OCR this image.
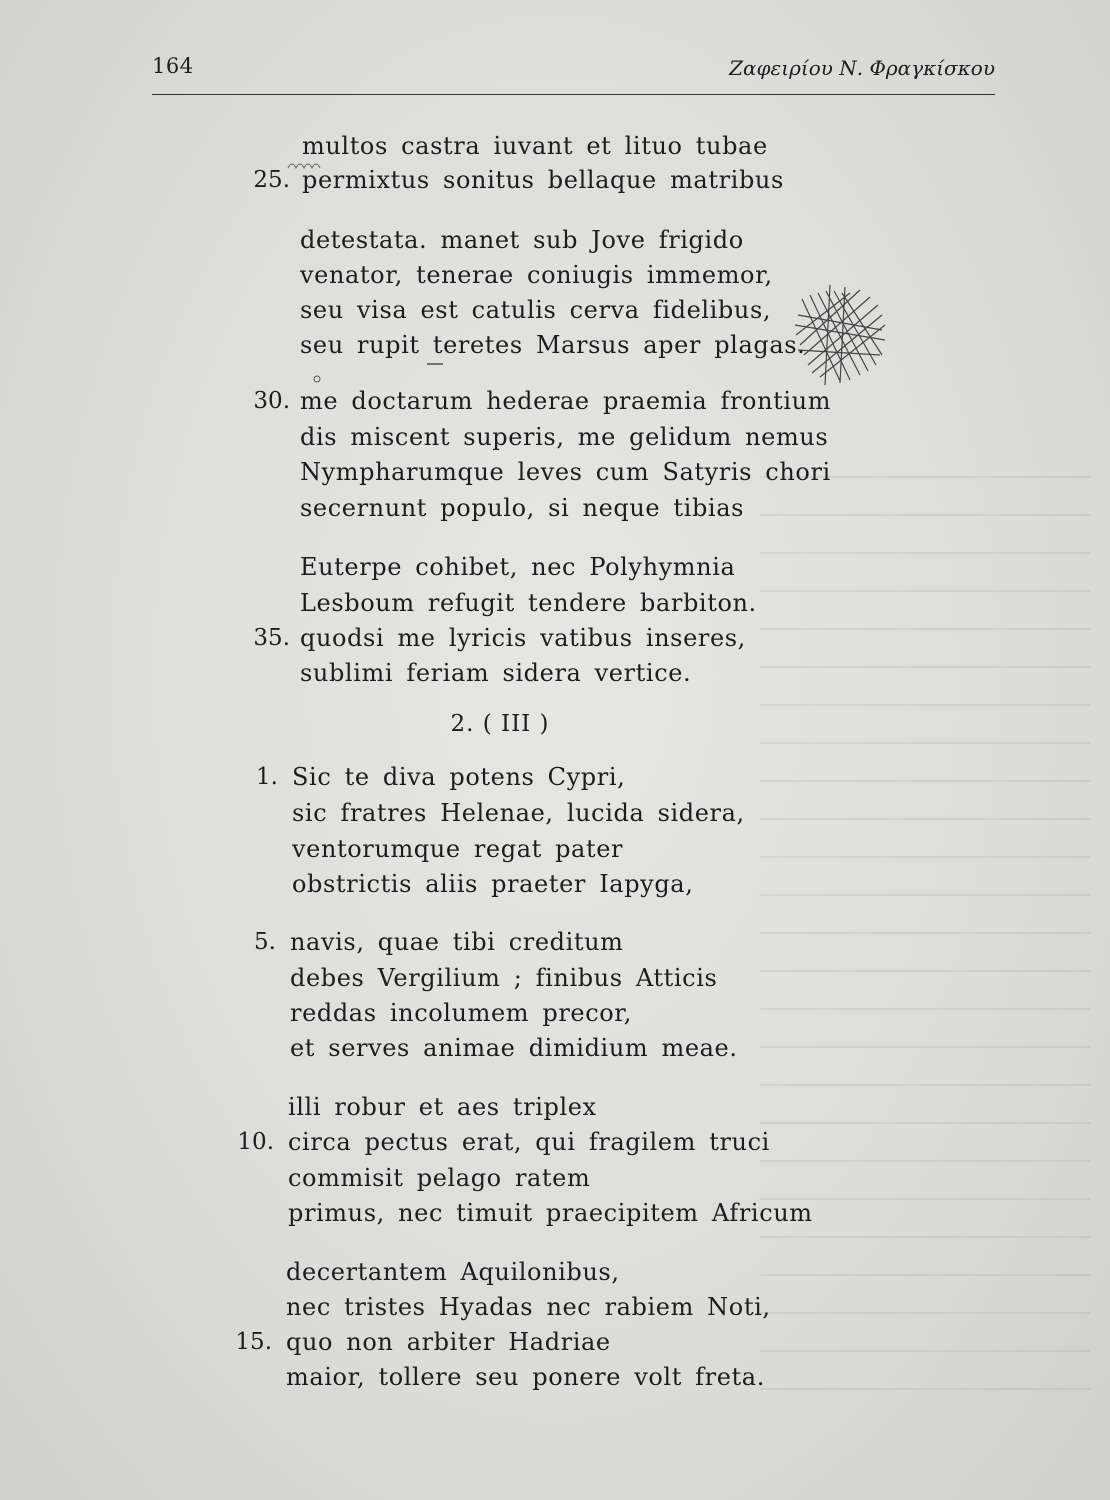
164	Ζαφειρίου Ν. Φραγκίσκου
multos castra iuvant et lituo tubae
25. permixtus sonitus bellaque matribus
detestata. manet sub Jove frigido
venator, tenerae coniugis immemor,
seu visa est catulis cerva fidelibus,
seu rupit teretes Marsus aper plagas.
30. me doctarum hederae praemia frontium
dis miscent superis, me gelidum nemus
Nympharumque leves cum Satyris chori
secernunt populo, si neque tibias
Euterpe cohibet, nec Polyhymnia
Lesboum refugit tendere barbiton.
35. quodsi me lyricis vatibus inseres,
sublimi feriam sidera vertice.
2. ( III )
1. Sic te diva potens Cypri,
sic fratres Helenae, lucida sidera,
ventorumque regat pater
obstrictis aliis praeter Iapyga,
5. navis, quae tibi creditum
debes Vergilium ; finibus Atticis
reddas incolumem precor,
et serves animae dimidium meae.
illi robur et aes triplex
10. circa pectus erat, qui fragilem truci
commisit pelago ratem
primus, nec timuit praecipitem Africum
decertantem Aquilonibus,
nec tristes Hyadas nec rabiem Noti,
15. quo non arbiter Hadriae
maior, tollere seu ponere volt freta.
